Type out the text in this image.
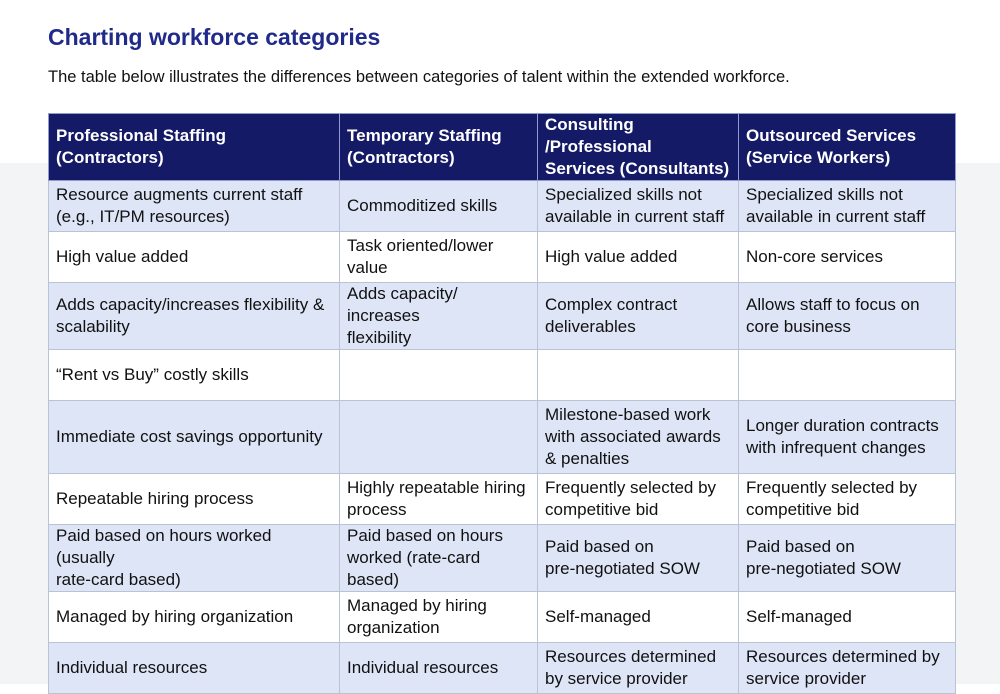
Charting workforce categories

The table below illustrates the differences between categories of talent within the extended workforce.

Professional Staffing
(Contractors)	Temporary Staffing
(Contractors)	Consulting /Professional
Services (Consultants)	Outsourced Services
(Service Workers)

Resource augments current staff
(e.g., IT/PM resources)	Commoditized skills	Specialized skills not
available in current staff	Specialized skills not
available in current staff

High value added	Task oriented/lower
value	High value added	Non-core services

Adds capacity/increases flexibility &
scalability	Adds capacity/ increases
flexibility	Complex contract
deliverables	Allows staff to focus on
core business

“Rent vs Buy” costly skills			

Immediate cost savings opportunity		Milestone-based work
with associated awards
& penalties	Longer duration contracts
with infrequent changes

Repeatable hiring process	Highly repeatable hiring
process	Frequently selected by
competitive bid	Frequently selected by
competitive bid

Paid based on hours worked (usually
rate-card based)	Paid based on hours
worked (rate-card based)	Paid based on
pre-negotiated SOW	Paid based on
pre-negotiated SOW

Managed by hiring organization	Managed by hiring
organization	Self-managed	Self-managed

Individual resources	Individual resources	Resources determined
by service provider	Resources determined by
service provider
